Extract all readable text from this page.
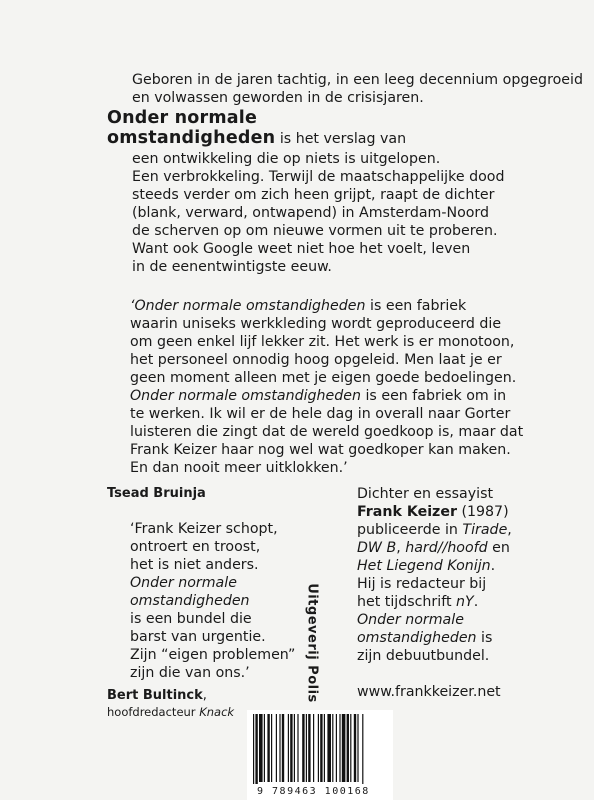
Geboren in de jaren tachtig, in een leeg decennium opgegroeid
en volwassen geworden in de crisisjaren.
Onder normale
omstandigheden is het verslag van
een ontwikkeling die op niets is uitgelopen.
Een verbrokkeling. Terwijl de maatschappelijke dood
steeds verder om zich heen grijpt, raapt de dichter
(blank, verward, ontwapend) in Amsterdam-Noord
de scherven op om nieuwe vormen uit te proberen.
Want ook Google weet niet hoe het voelt, leven
in de eenentwintigste eeuw.
‘Onder normale omstandigheden is een fabriek
waarin uniseks werkkleding wordt geproduceerd die
om geen enkel lijf lekker zit. Het werk is er monotoon,
het personeel onnodig hoog opgeleid. Men laat je er
geen moment alleen met je eigen goede bedoelingen.
Onder normale omstandigheden is een fabriek om in
te werken. Ik wil er de hele dag in overall naar Gorter
luisteren die zingt dat de wereld goedkoop is, maar dat
Frank Keizer haar nog wel wat goedkoper kan maken.
En dan nooit meer uitklokken.’
Tsead Bruinja
‘Frank Keizer schopt,
ontroert en troost,
het is niet anders.
Onder normale
omstandigheden
is een bundel die
barst van urgentie.
Zijn “eigen problemen”
zijn die van ons.’
Bert Bultinck,
hoofdredacteur Knack
Uitgeverij Polis
Dichter en essayist
Frank Keizer (1987)
publiceerde in Tirade,
DW B, hard//hoofd en
Het Liegend Konijn.
Hij is redacteur bij
het tijdschrift nY.
Onder normale
omstandigheden is
zijn debuutbundel.
www.frankkeizer.net
9 789463 100168
